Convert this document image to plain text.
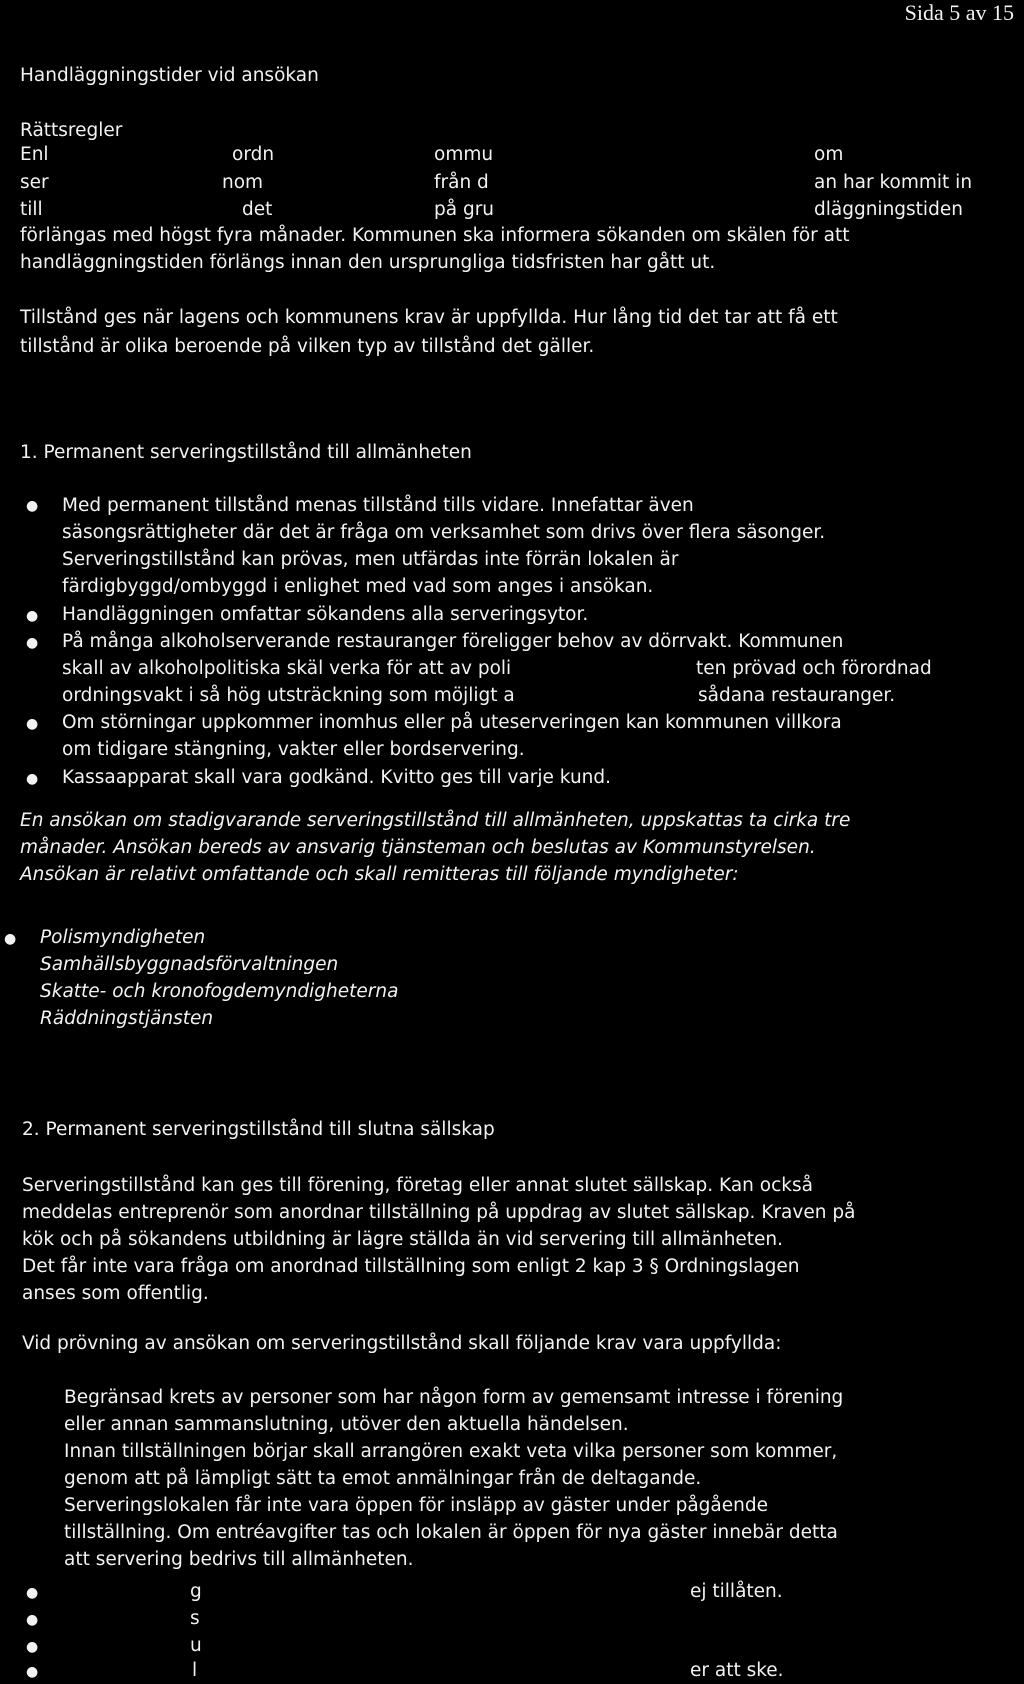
Sida 5 av 15
Handläggningstider vid ansökan
Rättsregler
Enl	ordn	ommu	om
ser	nom	från d	an har kommit in
till	det	på gru	dläggningstiden
förlängas med högst fyra månader. Kommunen ska informera sökanden om skälen för att
handläggningstiden förlängs innan den ursprungliga tidsfristen har gått ut.
Tillstånd ges när lagens och kommunens krav är uppfyllda. Hur lång tid det tar att få ett
tillstånd är olika beroende på vilken typ av tillstånd det gäller.
1. Permanent serveringstillstånd till allmänheten
● Med permanent tillstånd menas tillstånd tills vidare. Innefattar även
säsongsrättigheter där det är fråga om verksamhet som drivs över flera säsonger.
Serveringstillstånd kan prövas, men utfärdas inte förrän lokalen är
färdigbyggd/ombyggd i enlighet med vad som anges i ansökan.
● Handläggningen omfattar sökandens alla serveringsytor.
● På många alkoholserverande restauranger föreligger behov av dörrvakt. Kommunen
skall av alkoholpolitiska skäl verka för att av poli	ten prövad och förordnad
ordningsvakt i så hög utsträckning som möjligt a	sådana restauranger.
● Om störningar uppkommer inomhus eller på uteserveringen kan kommunen villkora
om tidigare stängning, vakter eller bordservering.
● Kassaapparat skall vara godkänd. Kvitto ges till varje kund.
En ansökan om stadigvarande serveringstillstånd till allmänheten, uppskattas ta cirka tre
månader. Ansökan bereds av ansvarig tjänsteman och beslutas av Kommunstyrelsen.
Ansökan är relativt omfattande och skall remitteras till följande myndigheter:
● Polismyndigheten
Samhällsbyggnadsförvaltningen
Skatte- och kronofogdemyndigheterna
Räddningstjänsten
2. Permanent serveringstillstånd till slutna sällskap
Serveringstillstånd kan ges till förening, företag eller annat slutet sällskap. Kan också
meddelas entreprenör som anordnar tillställning på uppdrag av slutet sällskap. Kraven på
kök och på sökandens utbildning är lägre ställda än vid servering till allmänheten.
Det får inte vara fråga om anordnad tillställning som enligt 2 kap 3 § Ordningslagen
anses som offentlig.
Vid prövning av ansökan om serveringstillstånd skall följande krav vara uppfyllda:
Begränsad krets av personer som har någon form av gemensamt intresse i förening
eller annan sammanslutning, utöver den aktuella händelsen.
Innan tillställningen börjar skall arrangören exakt veta vilka personer som kommer,
genom att på lämpligt sätt ta emot anmälningar från de deltagande.
Serveringslokalen får inte vara öppen för insläpp av gäster under pågående
tillställning. Om entréavgifter tas och lokalen är öppen för nya gäster innebär detta
att servering bedrivs till allmänheten.
●	g	ej tillåten.
●	s
●	u
●	l	er att ske.
